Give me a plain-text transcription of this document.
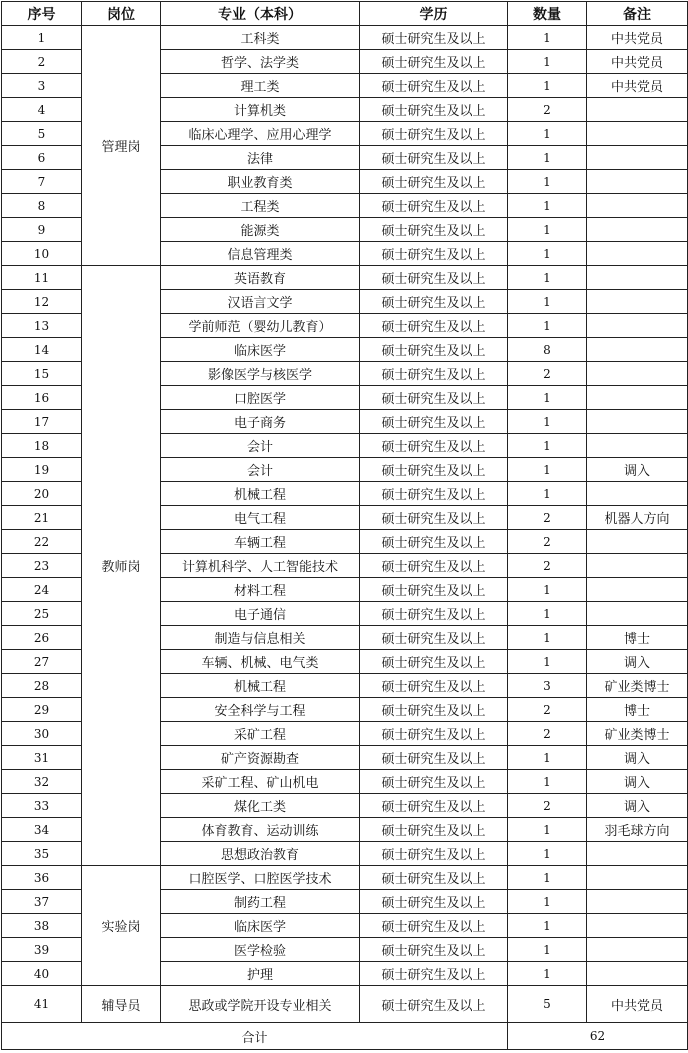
序号	岗位	专业（本科）	学历	数量	备注
1	管理岗	工科类	硕士研究生及以上	1	中共党员
2		哲学、法学类	硕士研究生及以上	1	中共党员
3		理工类	硕士研究生及以上	1	中共党员
4		计算机类	硕士研究生及以上	2	
5		临床心理学、应用心理学	硕士研究生及以上	1	
6		法律	硕士研究生及以上	1	
7		职业教育类	硕士研究生及以上	1	
8		工程类	硕士研究生及以上	1	
9		能源类	硕士研究生及以上	1	
10		信息管理类	硕士研究生及以上	1	
11	教师岗	英语教育	硕士研究生及以上	1	
12		汉语言文学	硕士研究生及以上	1	
13		学前师范（婴幼儿教育）	硕士研究生及以上	1	
14		临床医学	硕士研究生及以上	8	
15		影像医学与核医学	硕士研究生及以上	2	
16		口腔医学	硕士研究生及以上	1	
17		电子商务	硕士研究生及以上	1	
18		会计	硕士研究生及以上	1	
19		会计	硕士研究生及以上	1	调入
20		机械工程	硕士研究生及以上	1	
21		电气工程	硕士研究生及以上	2	机器人方向
22		车辆工程	硕士研究生及以上	2	
23		计算机科学、人工智能技术	硕士研究生及以上	2	
24		材料工程	硕士研究生及以上	1	
25		电子通信	硕士研究生及以上	1	
26		制造与信息相关	硕士研究生及以上	1	博士
27		车辆、机械、电气类	硕士研究生及以上	1	调入
28		机械工程	硕士研究生及以上	3	矿业类博士
29		安全科学与工程	硕士研究生及以上	2	博士
30		采矿工程	硕士研究生及以上	2	矿业类博士
31		矿产资源勘查	硕士研究生及以上	1	调入
32		采矿工程、矿山机电	硕士研究生及以上	1	调入
33		煤化工类	硕士研究生及以上	2	调入
34		体育教育、运动训练	硕士研究生及以上	1	羽毛球方向
35		思想政治教育	硕士研究生及以上	1	
36	实验岗	口腔医学、口腔医学技术	硕士研究生及以上	1	
37		制药工程	硕士研究生及以上	1	
38		临床医学	硕士研究生及以上	1	
39		医学检验	硕士研究生及以上	1	
40		护理	硕士研究生及以上	1	
41	辅导员	思政或学院开设专业相关	硕士研究生及以上	5	中共党员
合计				62	
